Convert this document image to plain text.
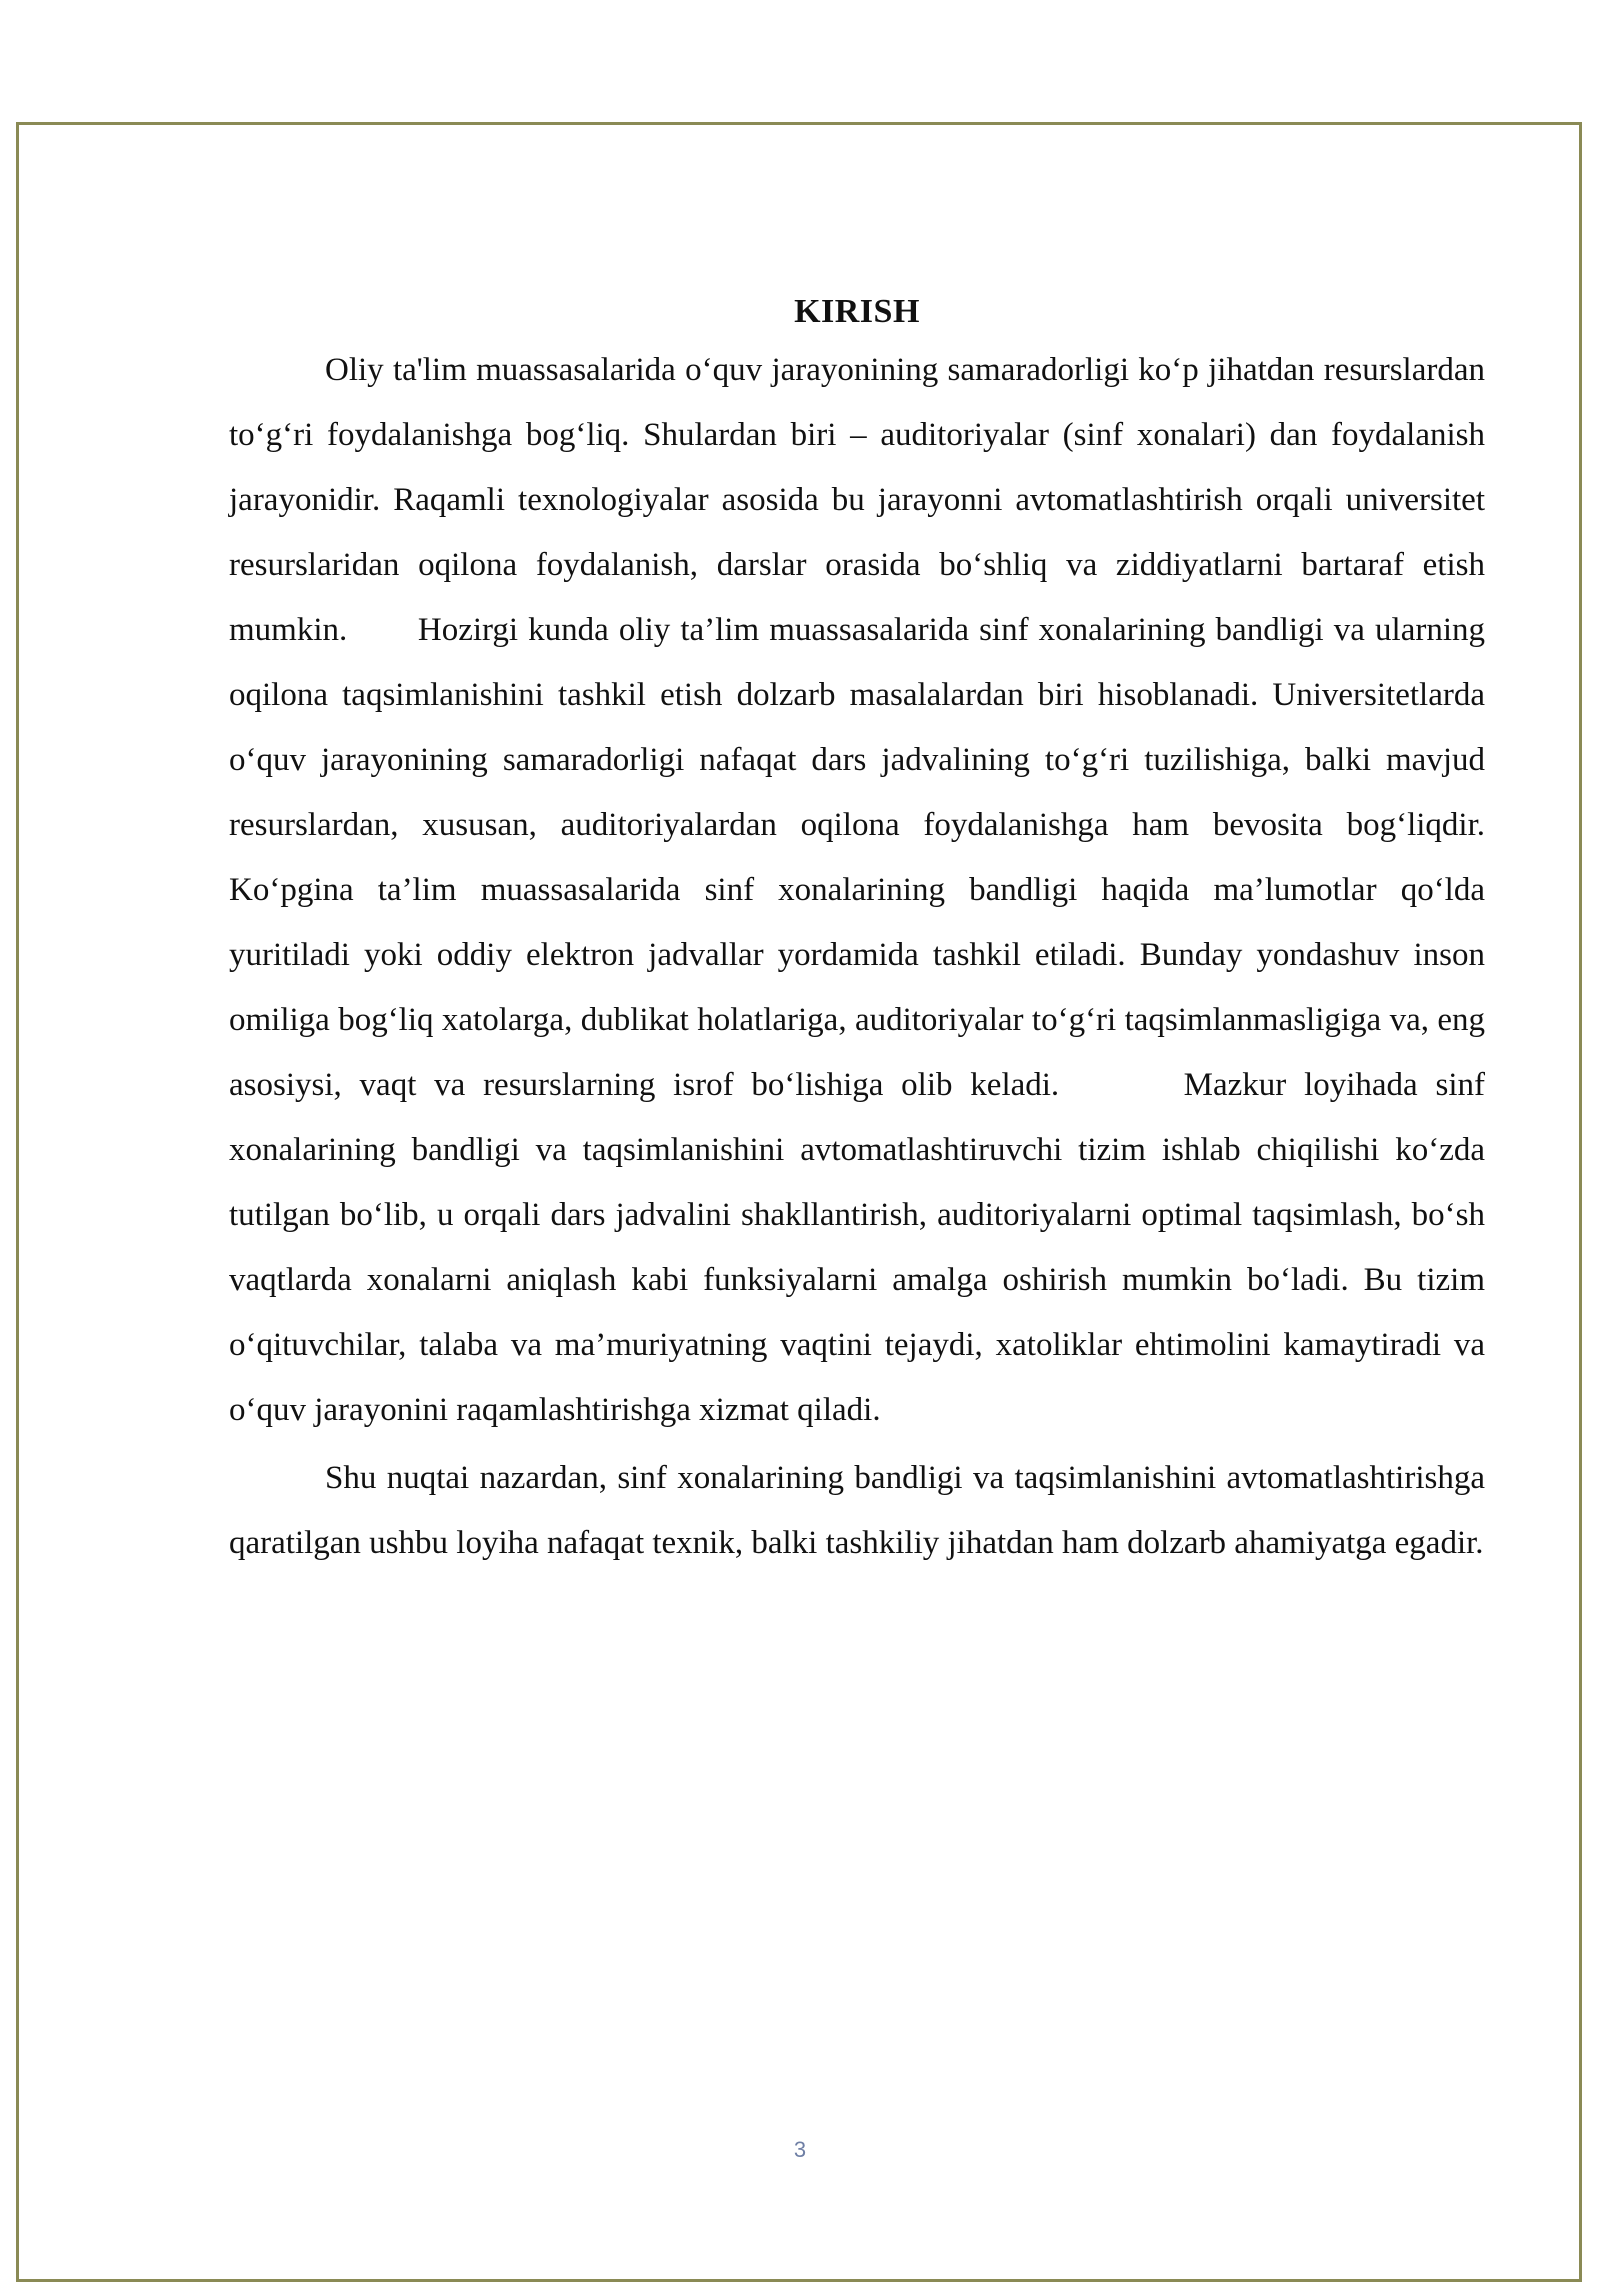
KIRISH

Oliy ta'lim muassasalarida o‘quv jarayonining samaradorligi ko‘p jihatdan resurslardan to‘g‘ri foydalanishga bog‘liq. Shulardan biri – auditoriyalar (sinf xonalari) dan foydalanish jarayonidir. Raqamli texnologiyalar asosida bu jarayonni avtomatlashtirish orqali universitet resurslaridan oqilona foydalanish, darslar orasida bo‘shliq va ziddiyatlarni bartaraf etish mumkin.       Hozirgi kunda oliy ta’lim muassasalarida sinf xonalarining bandligi va ularning oqilona taqsimlanishini tashkil etish dolzarb masalalardan biri hisoblanadi. Universitetlarda o‘quv jarayonining samaradorligi nafaqat dars jadvalining to‘g‘ri tuzilishiga, balki mavjud resurslardan, xususan, auditoriyalardan oqilona foydalanishga ham bevosita bog‘liqdir. Ko‘pgina ta’lim muassasalarida sinf xonalarining bandligi haqida ma’lumotlar qo‘lda yuritiladi yoki oddiy elektron jadvallar yordamida tashkil etiladi. Bunday yondashuv inson omiliga bog‘liq xatolarga, dublikat holatlariga, auditoriyalar to‘g‘ri taqsimlanmasligiga va, eng asosiysi, vaqt va resurslarning isrof bo‘lishiga olib keladi.       Mazkur loyihada sinf xonalarining bandligi va taqsimlanishini avtomatlashtiruvchi tizim ishlab chiqilishi ko‘zda tutilgan bo‘lib, u orqali dars jadvalini shakllantirish, auditoriyalarni optimal taqsimlash, bo‘sh vaqtlarda xonalarni aniqlash kabi funksiyalarni amalga oshirish mumkin bo‘ladi. Bu tizim o‘qituvchilar, talaba va ma’muriyatning vaqtini tejaydi, xatoliklar ehtimolini kamaytiradi va o‘quv jarayonini raqamlashtirishga xizmat qiladi.

Shu nuqtai nazardan, sinf xonalarining bandligi va taqsimlanishini avtomatlashtirishga qaratilgan ushbu loyiha nafaqat texnik, balki tashkiliy jihatdan ham dolzarb ahamiyatga egadir.

3
